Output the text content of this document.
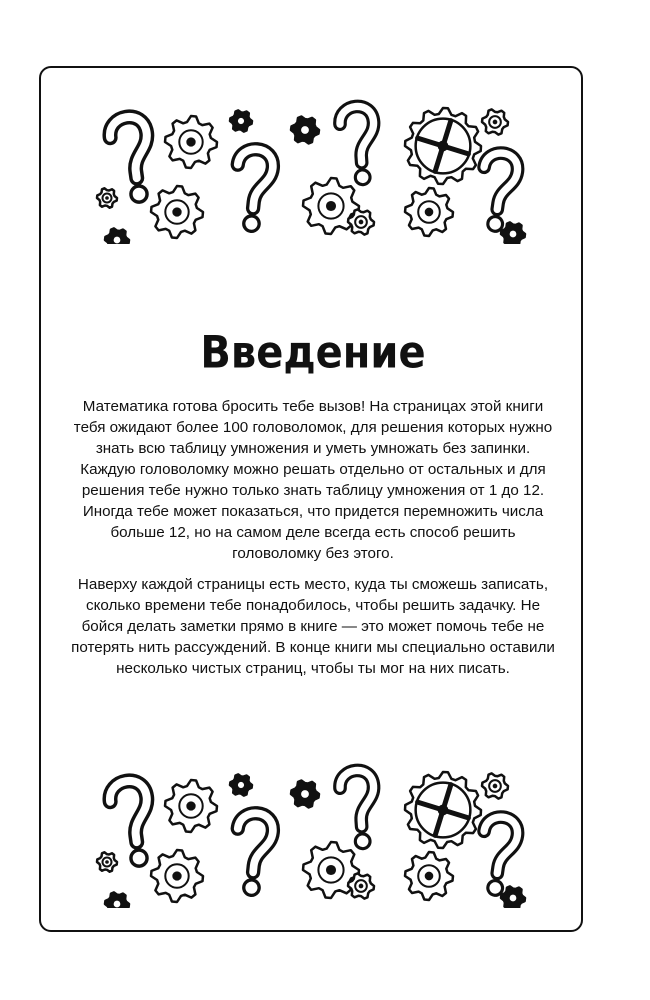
Введение

Математика готова бросить тебе вызов! На страницах этой книги тебя ожидают более 100 головоломок, для решения которых нужно знать всю таблицу умножения и уметь умножать без запинки. Каждую головоломку можно решать отдельно от остальных и для решения тебе нужно только знать таблицу умножения от 1 до 12. Иногда тебе может показаться, что придется перемножить числа больше 12, но на самом деле всегда есть способ решить головоломку без этого.

Наверху каждой страницы есть место, куда ты сможешь записать, сколько времени тебе понадобилось, чтобы решить задачку. Не бойся делать заметки прямо в книге — это может помочь тебе не потерять нить рассуждений. В конце книги мы специально оставили несколько чистых страниц, чтобы ты мог на них писать.
